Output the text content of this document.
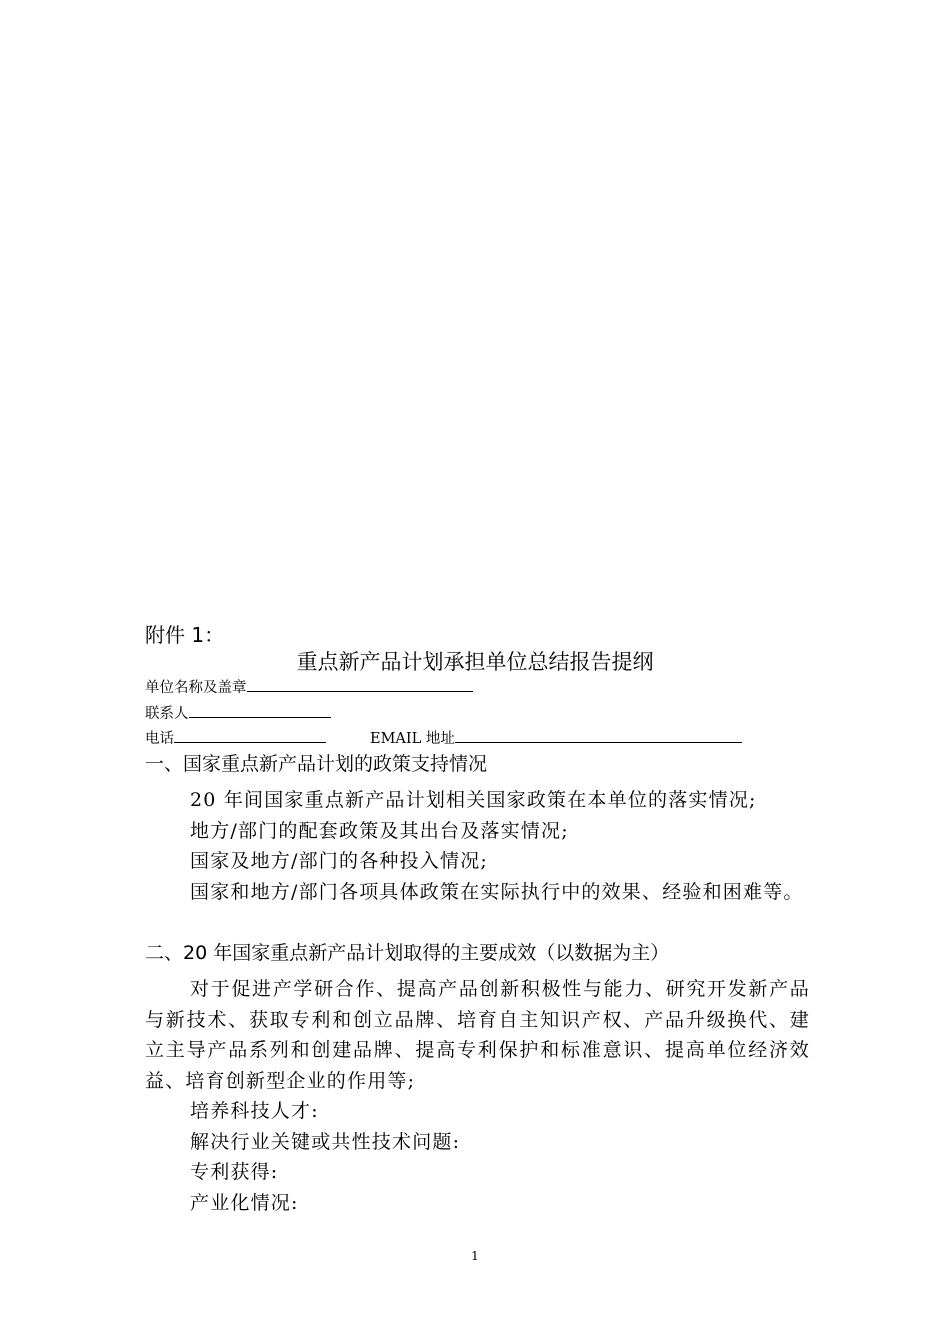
附件 1：
重点新产品计划承担单位总结报告提纲
单位名称及盖章
联系人
电话	EMAIL 地址
一、国家重点新产品计划的政策支持情况

20 年间国家重点新产品计划相关国家政策在本单位的落实情况;

地方/部门的配套政策及其出台及落实情况;

国家及地方/部门的各种投入情况;

国家和地方/部门各项具体政策在实际执行中的效果、经验和困难等。

二、20 年国家重点新产品计划取得的主要成效（以数据为主）

对于促进产学研合作、提高产品创新积极性与能力、研究开发新产品与新技术、获取专利和创立品牌、培育自主知识产权、产品升级换代、建立主导产品系列和创建品牌、提高专利保护和标准意识、提高单位经济效益、培育创新型企业的作用等;

培养科技人才:

解决行业关键或共性技术问题:

专利获得:

产业化情况:

1
